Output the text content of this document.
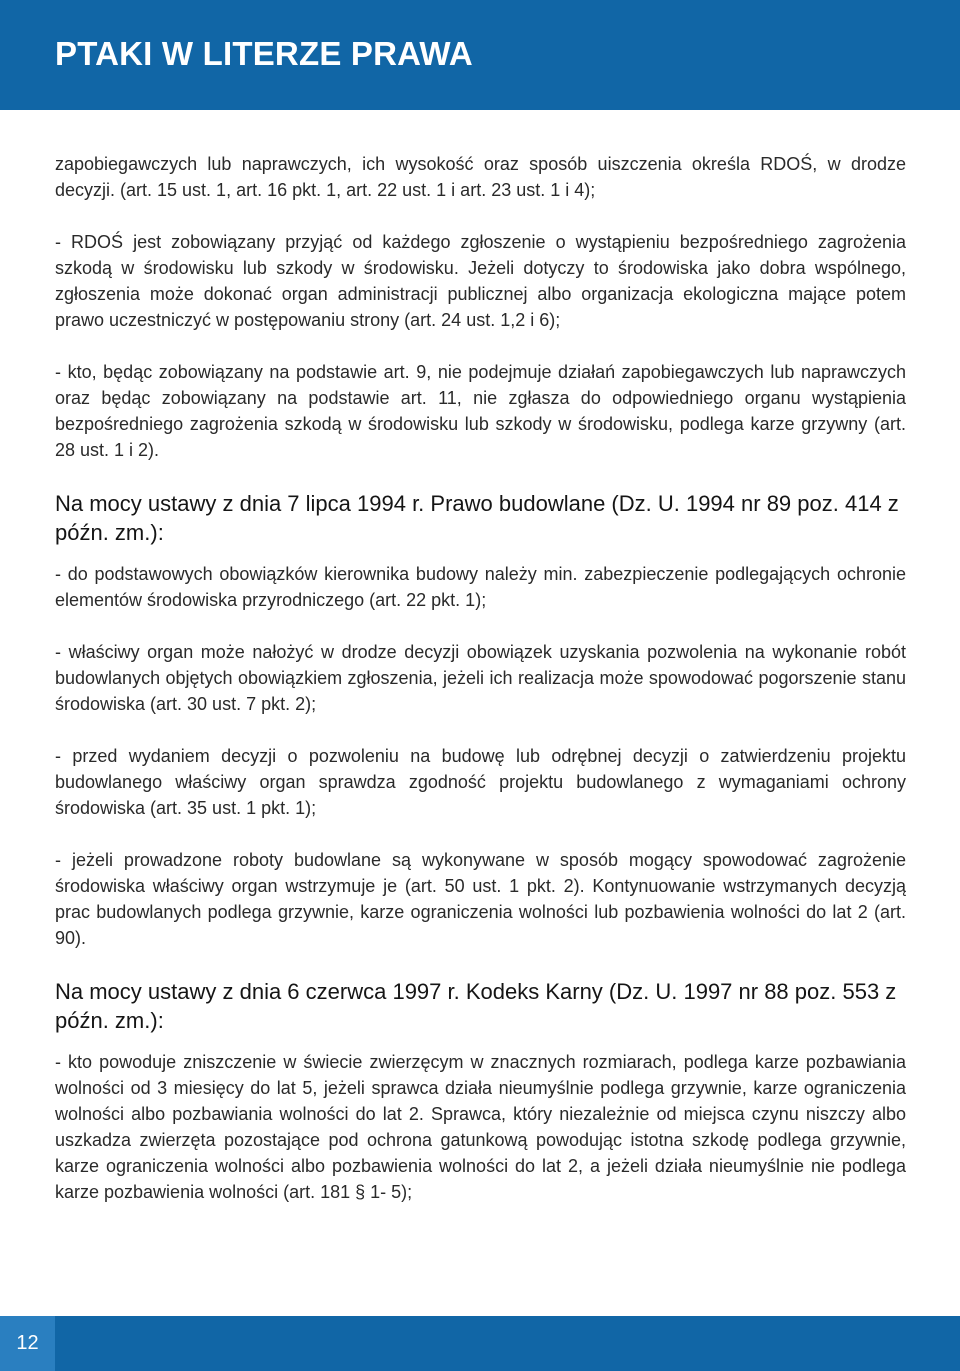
PTAKI W LITERZE PRAWA

zapobiegawczych lub naprawczych, ich wysokość oraz sposób uiszczenia określa RDOŚ, w drodze decyzji. (art. 15 ust. 1, art. 16 pkt. 1, art. 22 ust. 1 i art. 23 ust. 1 i 4);

- RDOŚ jest zobowiązany przyjąć od każdego zgłoszenie o wystąpieniu bezpośredniego zagrożenia szkodą w środowisku lub szkody w środowisku. Jeżeli dotyczy to środowiska jako dobra wspólnego, zgłoszenia może dokonać organ administracji publicznej albo organizacja ekologiczna mające potem prawo uczestniczyć w postępowaniu strony (art. 24 ust. 1,2 i 6);

- kto, będąc zobowiązany na podstawie art. 9, nie podejmuje działań zapobiegawczych lub naprawczych oraz będąc zobowiązany na podstawie art. 11, nie zgłasza do odpowiedniego organu wystąpienia bezpośredniego zagrożenia szkodą w środowisku lub szkody w środowisku, podlega karze grzywny (art. 28 ust. 1 i 2).

Na mocy ustawy z dnia 7 lipca 1994 r. Prawo budowlane (Dz. U. 1994 nr 89 poz. 414 z późn. zm.):

- do podstawowych obowiązków kierownika budowy należy min. zabezpieczenie podlegających ochronie elementów środowiska przyrodniczego (art. 22 pkt. 1);

- właściwy organ może nałożyć w drodze decyzji obowiązek uzyskania pozwolenia na wykonanie robót budowlanych objętych obowiązkiem zgłoszenia, jeżeli ich realizacja może spowodować pogorszenie stanu środowiska (art. 30 ust. 7 pkt. 2);

- przed wydaniem decyzji o pozwoleniu na budowę lub odrębnej decyzji o zatwierdzeniu projektu budowlanego właściwy organ sprawdza zgodność projektu budowlanego z wymaganiami ochrony środowiska (art. 35 ust. 1 pkt. 1);

- jeżeli prowadzone roboty budowlane są wykonywane w sposób mogący spowodować zagrożenie środowiska właściwy organ wstrzymuje je (art. 50 ust. 1 pkt. 2). Kontynuowanie wstrzymanych decyzją prac budowlanych podlega grzywnie, karze ograniczenia wolności lub pozbawienia wolności do lat 2 (art. 90).

Na mocy ustawy z dnia 6 czerwca 1997 r. Kodeks Karny (Dz. U. 1997 nr 88 poz. 553 z późn. zm.):

- kto powoduje zniszczenie w świecie zwierzęcym w znacznych rozmiarach, podlega karze pozbawiania wolności od 3 miesięcy do lat 5, jeżeli sprawca działa nieumyślnie podlega grzywnie, karze ograniczenia wolności albo pozbawiania wolności do lat 2. Sprawca, który niezależnie od miejsca czynu niszczy albo uszkadza zwierzęta pozostające pod ochrona gatunkową powodując istotna szkodę podlega grzywnie, karze ograniczenia wolności albo pozbawienia wolności do lat 2, a jeżeli działa nieumyślnie nie podlega karze pozbawienia wolności (art. 181 § 1- 5);

12
